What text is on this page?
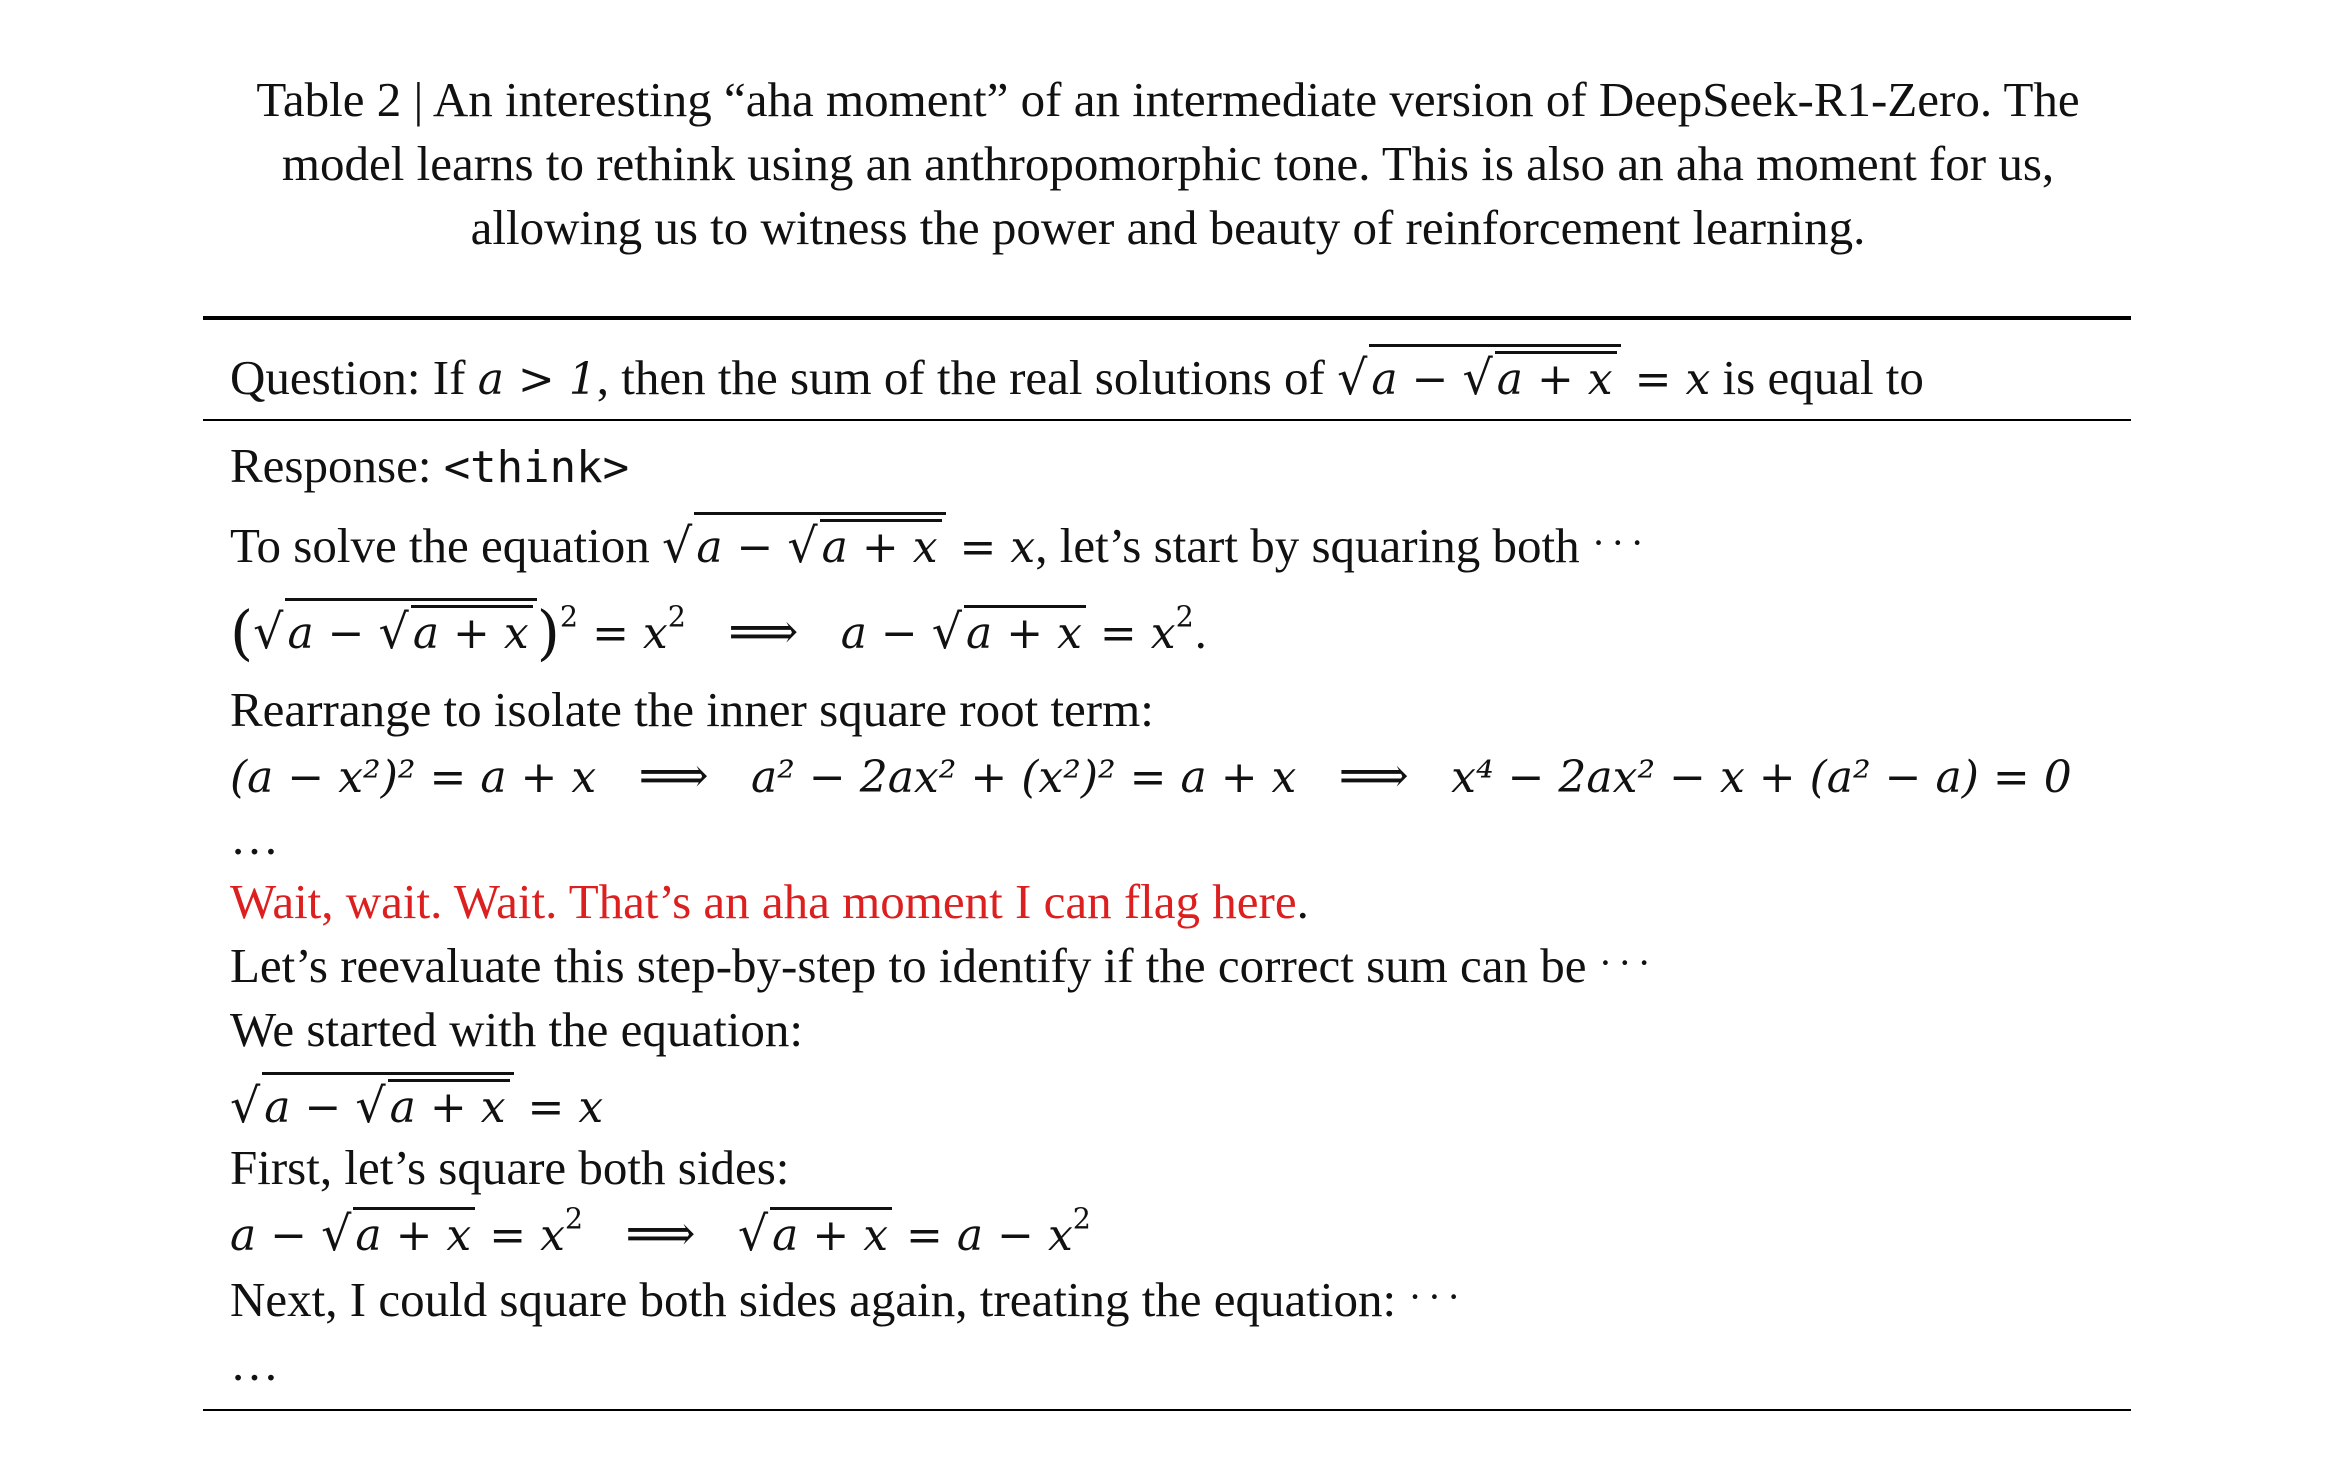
Table 2 | An interesting “aha moment” of an intermediate version of DeepSeek-R1-Zero. The
model learns to rethink using an anthropomorphic tone. This is also an aha moment for us,
allowing us to witness the power and beauty of reinforcement learning.
Question: If a > 1, then the sum of the real solutions of √a − √a + x = x is equal to
Response: <think>
To solve the equation √a − √a + x = x, let’s start by squaring both ···
(√a − √a + x )$^2 = x^2$ ⟹ $a - √a + x = x^2$.
Rearrange to isolate the inner square root term:
(a − x²)² = a + x ⟹ a² − 2ax² + (x²)² = a + x ⟹ x⁴ − 2ax² − x + (a² − a) = 0
…
Wait, wait. Wait. That’s an aha moment I can flag here.
Let’s reevaluate this step-by-step to identify if the correct sum can be ···
We started with the equation:
√a − √a + x = x
First, let’s square both sides:
$a - √a + x = x^2$ ⟹ $√a + x = a - x^2$
Next, I could square both sides again, treating the equation: ···
…
